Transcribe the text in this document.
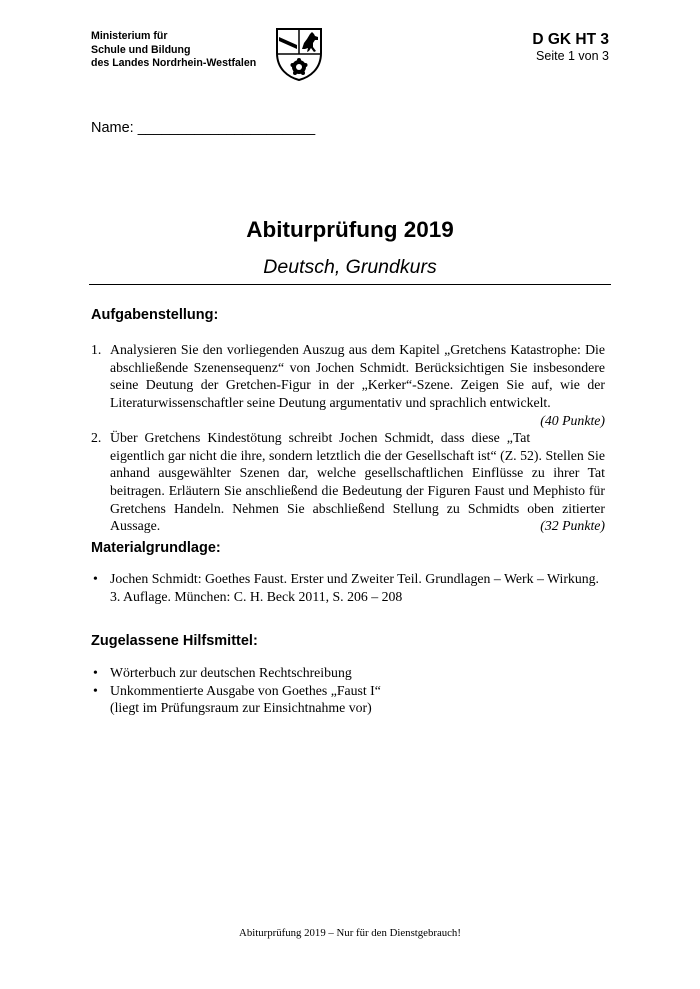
Ministerium für
Schule und Bildung
des Landes Nordrhein-Westfalen
D GK HT 3
Seite 1 von 3
Name: ______________________
Abiturprüfung 2019
Deutsch, Grundkurs
Aufgabenstellung:
1. Analysieren Sie den vorliegenden Auszug aus dem Kapitel „Gretchens Katastrophe: Die abschließende Szenensequenz“ von Jochen Schmidt. Berücksichtigen Sie insbesondere seine Deutung der Gretchen-Figur in der „Kerker“-Szene. Zeigen Sie auf, wie der Literaturwissenschaftler seine Deutung argumentativ und sprachlich entwickelt.
(40 Punkte)

2. Über Gretchens Kindestötung schreibt Jochen Schmidt, dass diese „Tat eigentlich gar nicht die ihre, sondern letztlich die der Gesellschaft ist“ (Z. 52). Stellen Sie anhand ausgewählter Szenen dar, welche gesellschaftlichen Einflüsse zu ihrer Tat beitragen. Erläutern Sie anschließend die Bedeutung der Figuren Faust und Mephisto für Gretchens Handeln. Nehmen Sie abschließend Stellung zu Schmidts oben zitierter Aussage.	(32 Punkte)

Materialgrundlage:
• Jochen Schmidt: Goethes Faust. Erster und Zweiter Teil. Grundlagen – Werk – Wirkung. 3. Auflage. München: C. H. Beck 2011, S. 206 – 208

Zugelassene Hilfsmittel:
• Wörterbuch zur deutschen Rechtschreibung

• Unkommentierte Ausgabe von Goethes „Faust I“

(liegt im Prüfungsraum zur Einsichtnahme vor)

Abiturprüfung 2019 – Nur für den Dienstgebrauch!
